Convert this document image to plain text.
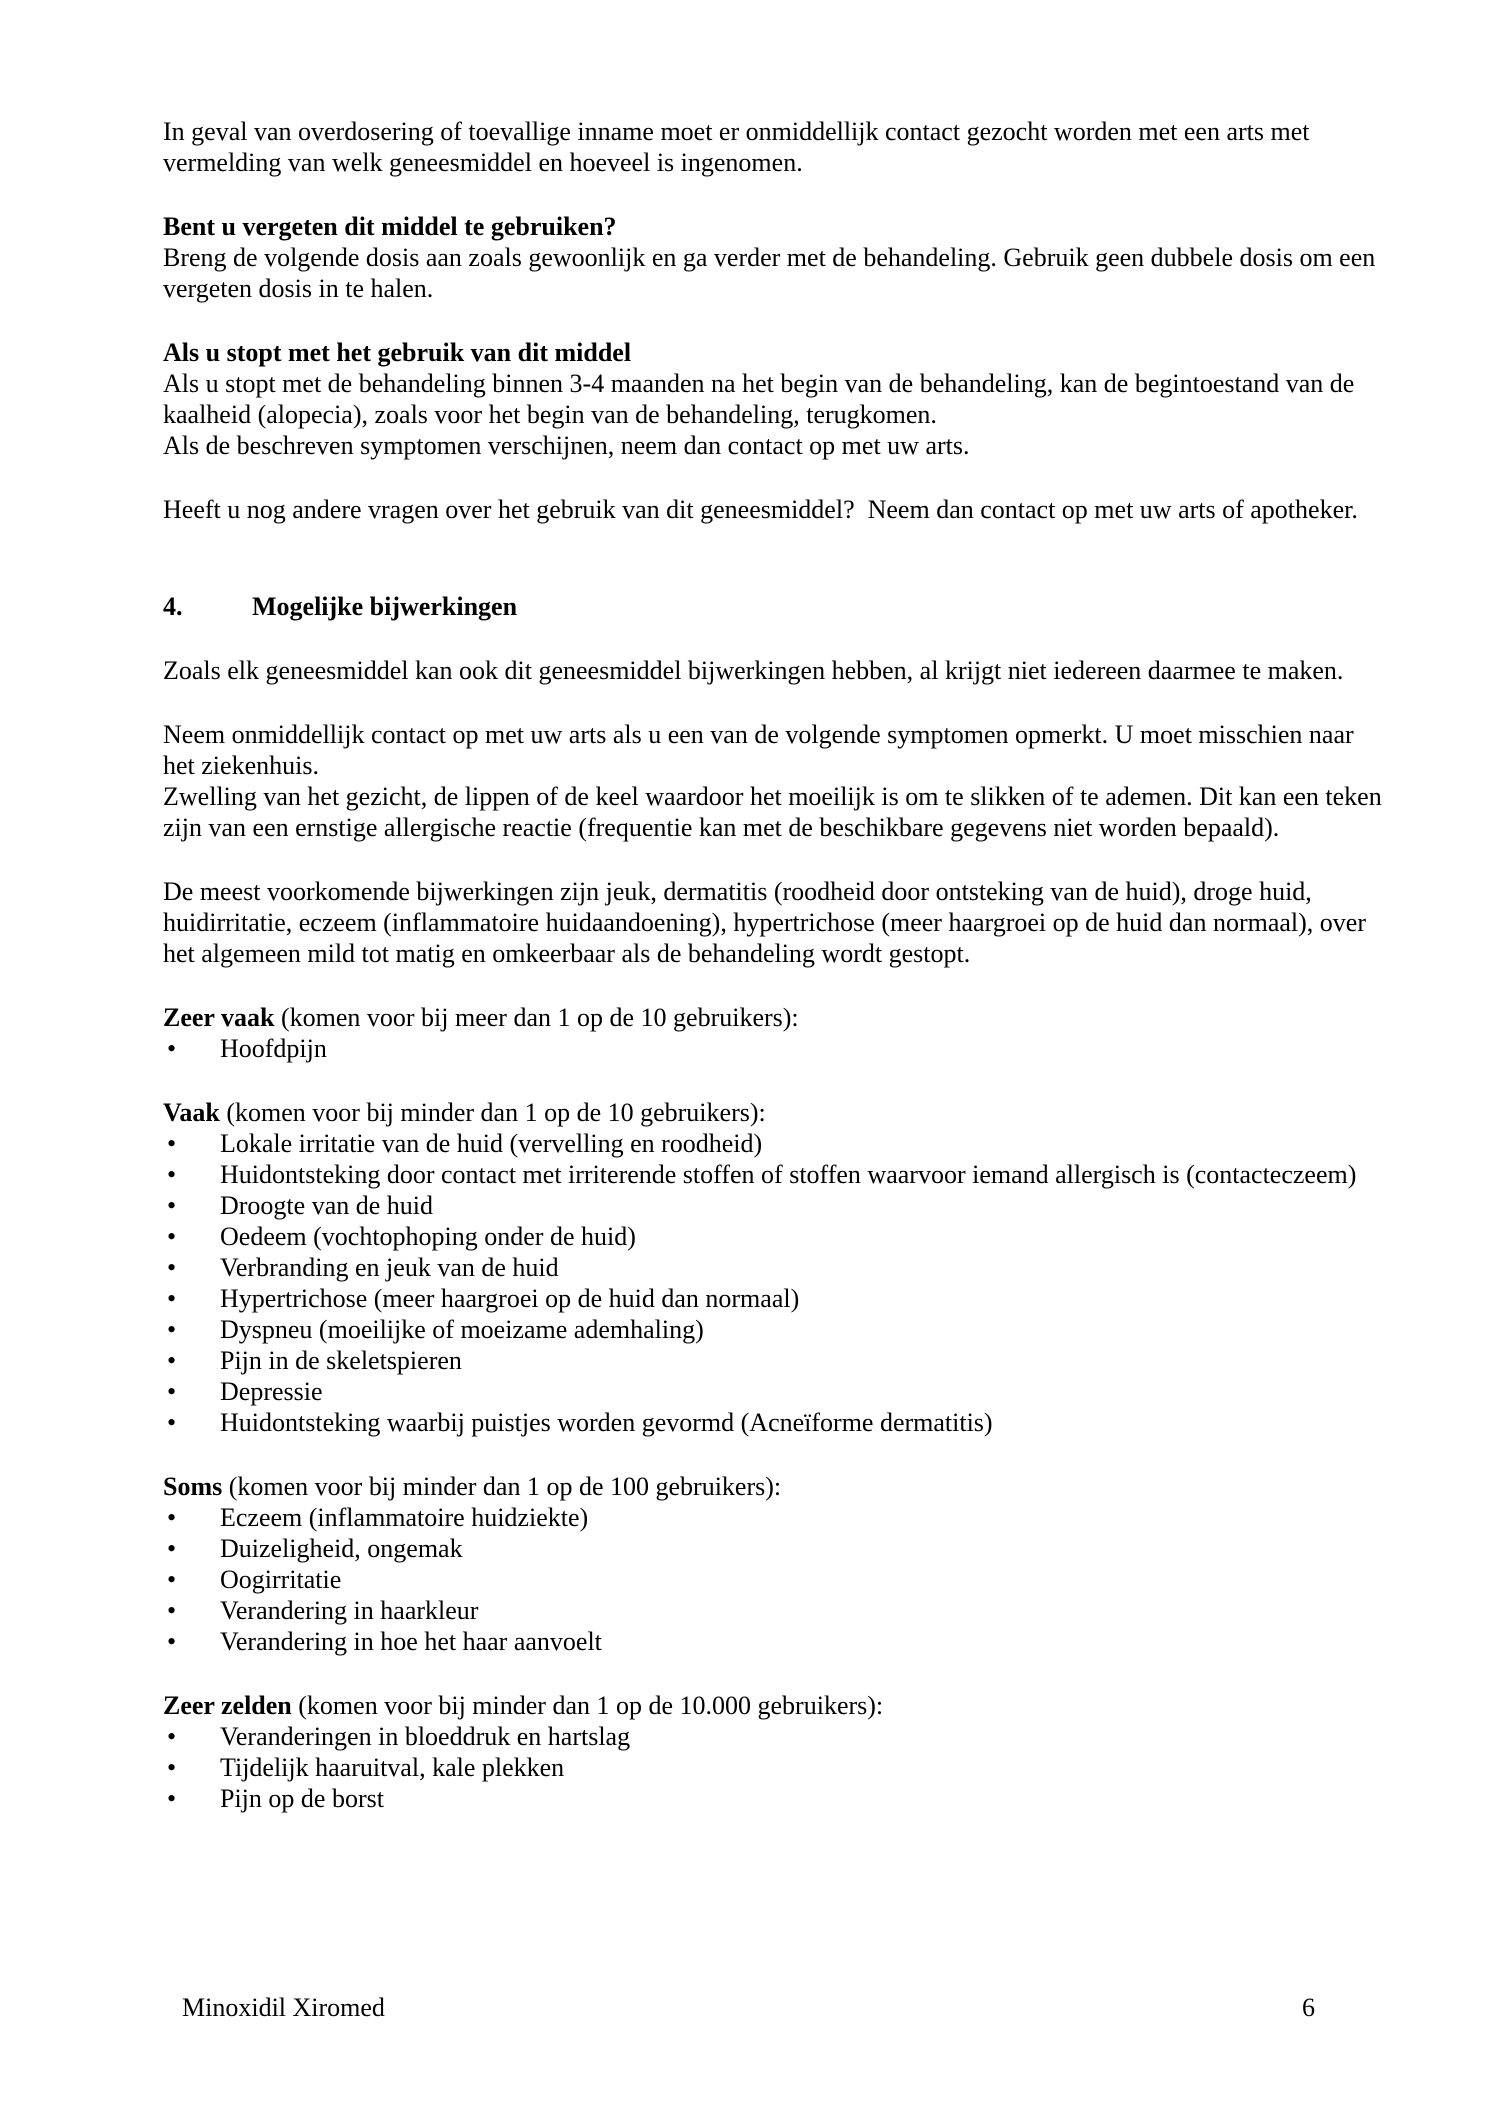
In geval van overdosering of toevallige inname moet er onmiddellijk contact gezocht worden met een arts met vermelding van welk geneesmiddel en hoeveel is ingenomen.

Bent u vergeten dit middel te gebruiken?

Breng de volgende dosis aan zoals gewoonlijk en ga verder met de behandeling. Gebruik geen dubbele dosis om een vergeten dosis in te halen.

Als u stopt met het gebruik van dit middel

Als u stopt met de behandeling binnen 3-4 maanden na het begin van de behandeling, kan de begintoestand van de kaalheid (alopecia), zoals voor het begin van de behandeling, terugkomen.

Als de beschreven symptomen verschijnen, neem dan contact op met uw arts.

Heeft u nog andere vragen over het gebruik van dit geneesmiddel?  Neem dan contact op met uw arts of apotheker.

4.	Mogelijke bijwerkingen

Zoals elk geneesmiddel kan ook dit geneesmiddel bijwerkingen hebben, al krijgt niet iedereen daarmee te maken.

Neem onmiddellijk contact op met uw arts als u een van de volgende symptomen opmerkt. U moet misschien naar het ziekenhuis.

Zwelling van het gezicht, de lippen of de keel waardoor het moeilijk is om te slikken of te ademen. Dit kan een teken zijn van een ernstige allergische reactie (frequentie kan met de beschikbare gegevens niet worden bepaald).

De meest voorkomende bijwerkingen zijn jeuk, dermatitis (roodheid door ontsteking van de huid), droge huid, huidirritatie, eczeem (inflammatoire huidaandoening), hypertrichose (meer haargroei op de huid dan normaal), over het algemeen mild tot matig en omkeerbaar als de behandeling wordt gestopt.

Zeer vaak (komen voor bij meer dan 1 op de 10 gebruikers):

• Hoofdpijn

Vaak (komen voor bij minder dan 1 op de 10 gebruikers):

• Lokale irritatie van de huid (vervelling en roodheid)
• Huidontsteking door contact met irriterende stoffen of stoffen waarvoor iemand allergisch is (contacteczeem)
• Droogte van de huid
• Oedeem (vochtophoping onder de huid)
• Verbranding en jeuk van de huid
• Hypertrichose (meer haargroei op de huid dan normaal)
• Dyspneu (moeilijke of moeizame ademhaling)
• Pijn in de skeletspieren
• Depressie
• Huidontsteking waarbij puistjes worden gevormd (Acneïforme dermatitis)

Soms (komen voor bij minder dan 1 op de 100 gebruikers):

• Eczeem (inflammatoire huidziekte)
• Duizeligheid, ongemak
• Oogirritatie
• Verandering in haarkleur
• Verandering in hoe het haar aanvoelt

Zeer zelden (komen voor bij minder dan 1 op de 10.000 gebruikers):

• Veranderingen in bloeddruk en hartslag
• Tijdelijk haaruitval, kale plekken
• Pijn op de borst
Minoxidil Xiromed	6
